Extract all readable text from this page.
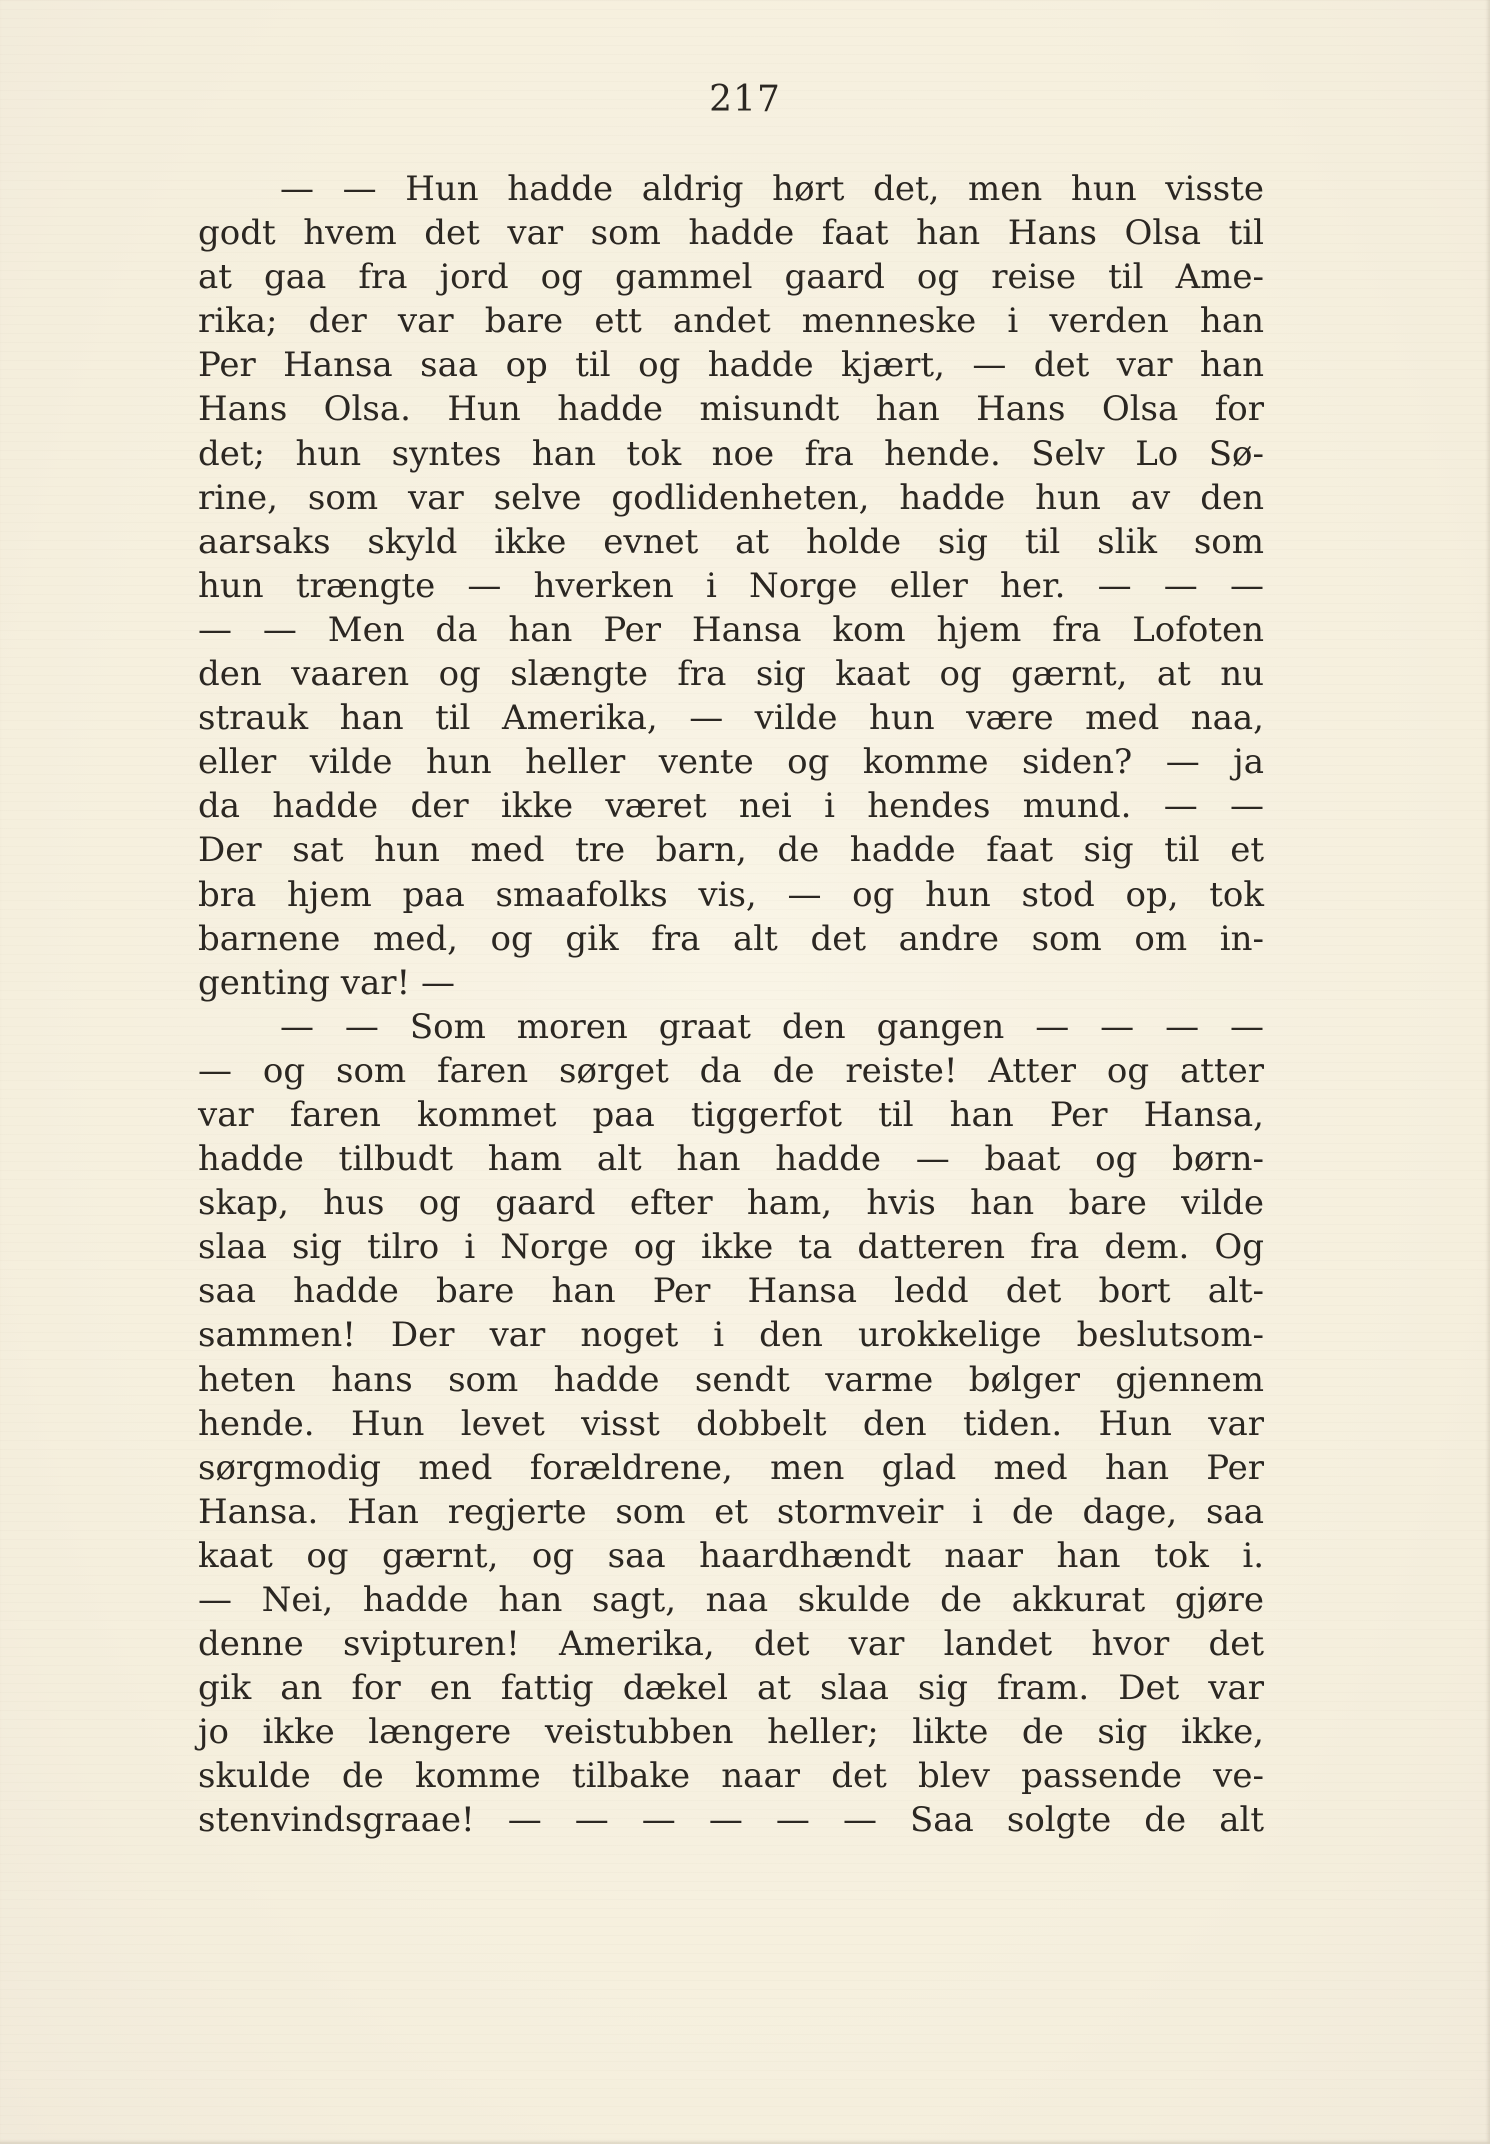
217
— — Hun hadde aldrig hørt det, men hun visste
godt hvem det var som hadde faat han Hans Olsa til
at gaa fra jord og gammel gaard og reise til Ame-
rika; der var bare ett andet menneske i verden han
Per Hansa saa op til og hadde kjært, — det var han
Hans Olsa. Hun hadde misundt han Hans Olsa for
det; hun syntes han tok noe fra hende. Selv Lo Sø-
rine, som var selve godlidenheten, hadde hun av den
aarsaks skyld ikke evnet at holde sig til slik som
hun trængte — hverken i Norge eller her. — — —
— — Men da han Per Hansa kom hjem fra Lofoten
den vaaren og slængte fra sig kaat og gærnt, at nu
strauk han til Amerika, — vilde hun være med naa,
eller vilde hun heller vente og komme siden? — ja
da hadde der ikke været nei i hendes mund. — —
Der sat hun med tre barn, de hadde faat sig til et
bra hjem paa smaafolks vis, — og hun stod op, tok
barnene med, og gik fra alt det andre som om in-
genting var! —
— — Som moren graat den gangen — — — —
— og som faren sørget da de reiste! Atter og atter
var faren kommet paa tiggerfot til han Per Hansa,
hadde tilbudt ham alt han hadde — baat og børn-
skap, hus og gaard efter ham, hvis han bare vilde
slaa sig tilro i Norge og ikke ta datteren fra dem. Og
saa hadde bare han Per Hansa ledd det bort alt-
sammen! Der var noget i den urokkelige beslutsom-
heten hans som hadde sendt varme bølger gjennem
hende. Hun levet visst dobbelt den tiden. Hun var
sørgmodig med forældrene, men glad med han Per
Hansa. Han regjerte som et stormveir i de dage, saa
kaat og gærnt, og saa haardhændt naar han tok i.
— Nei, hadde han sagt, naa skulde de akkurat gjøre
denne svipturen! Amerika, det var landet hvor det
gik an for en fattig dækel at slaa sig fram. Det var
jo ikke længere veistubben heller; likte de sig ikke,
skulde de komme tilbake naar det blev passende ve-
stenvindsgraae! — — — — — — Saa solgte de alt
